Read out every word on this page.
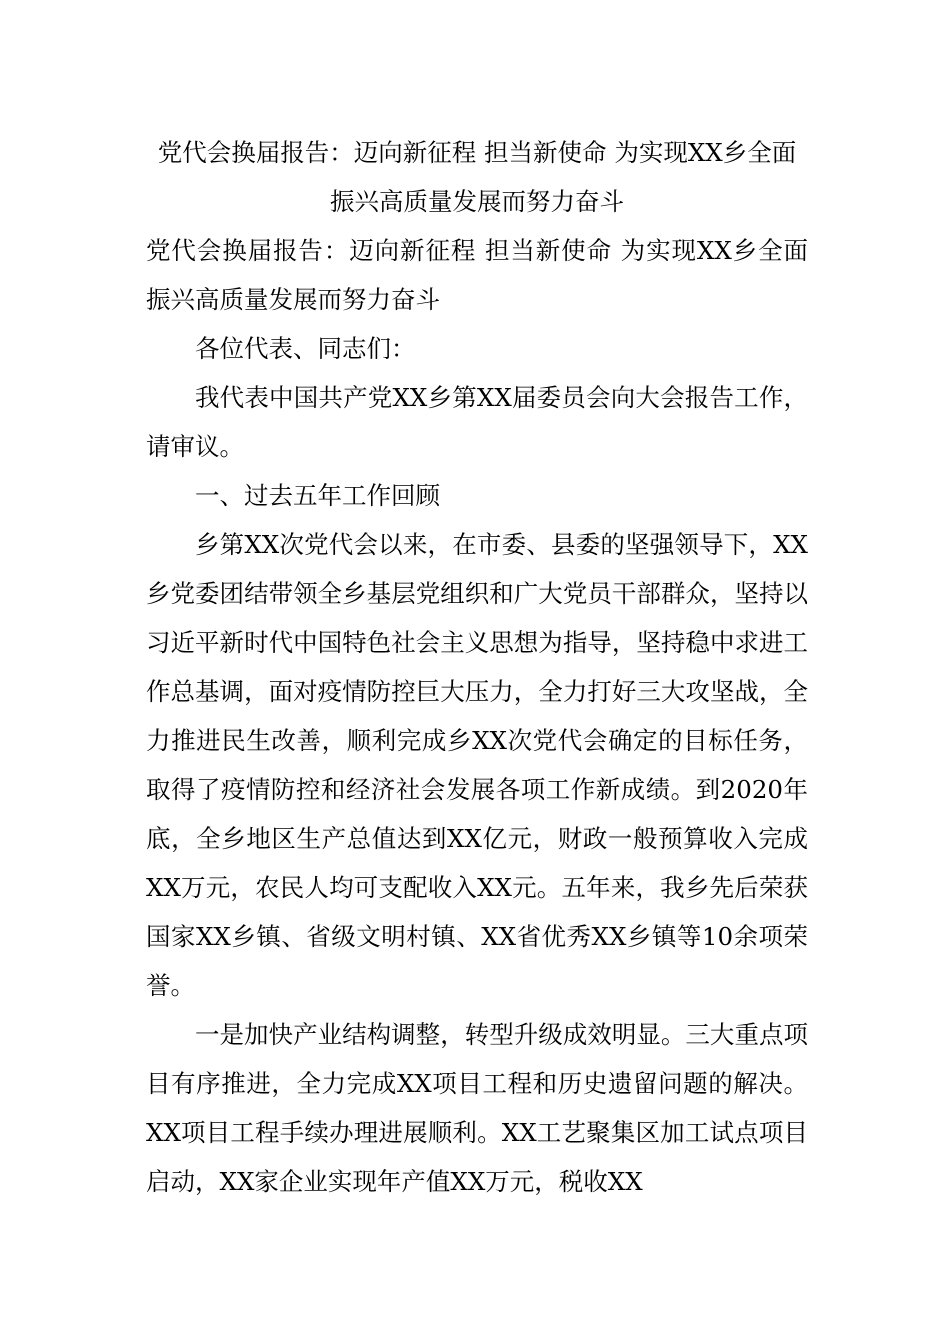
党代会换届报告：迈向新征程 担当新使命 为实现XX乡全面振兴高质量发展而努力奋斗

党代会换届报告：迈向新征程 担当新使命 为实现XX乡全面振兴高质量发展而努力奋斗

各位代表、同志们：

我代表中国共产党XX乡第XX届委员会向大会报告工作，请审议。

一、过去五年工作回顾

乡第XX次党代会以来，在市委、县委的坚强领导下，XX乡党委团结带领全乡基层党组织和广大党员干部群众，坚持以习近平新时代中国特色社会主义思想为指导，坚持稳中求进工作总基调，面对疫情防控巨大压力，全力打好三大攻坚战，全力推进民生改善，顺利完成乡XX次党代会确定的目标任务，取得了疫情防控和经济社会发展各项工作新成绩。到2020年底，全乡地区生产总值达到XX亿元，财政一般预算收入完成XX万元，农民人均可支配收入XX元。五年来，我乡先后荣获国家XX乡镇、省级文明村镇、XX省优秀XX乡镇等10余项荣誉。

一是加快产业结构调整，转型升级成效明显。三大重点项目有序推进，全力完成XX项目工程和历史遗留问题的解决。XX项目工程手续办理进展顺利。XX工艺聚集区加工试点项目启动，XX家企业实现年产值XX万元，税收XX
